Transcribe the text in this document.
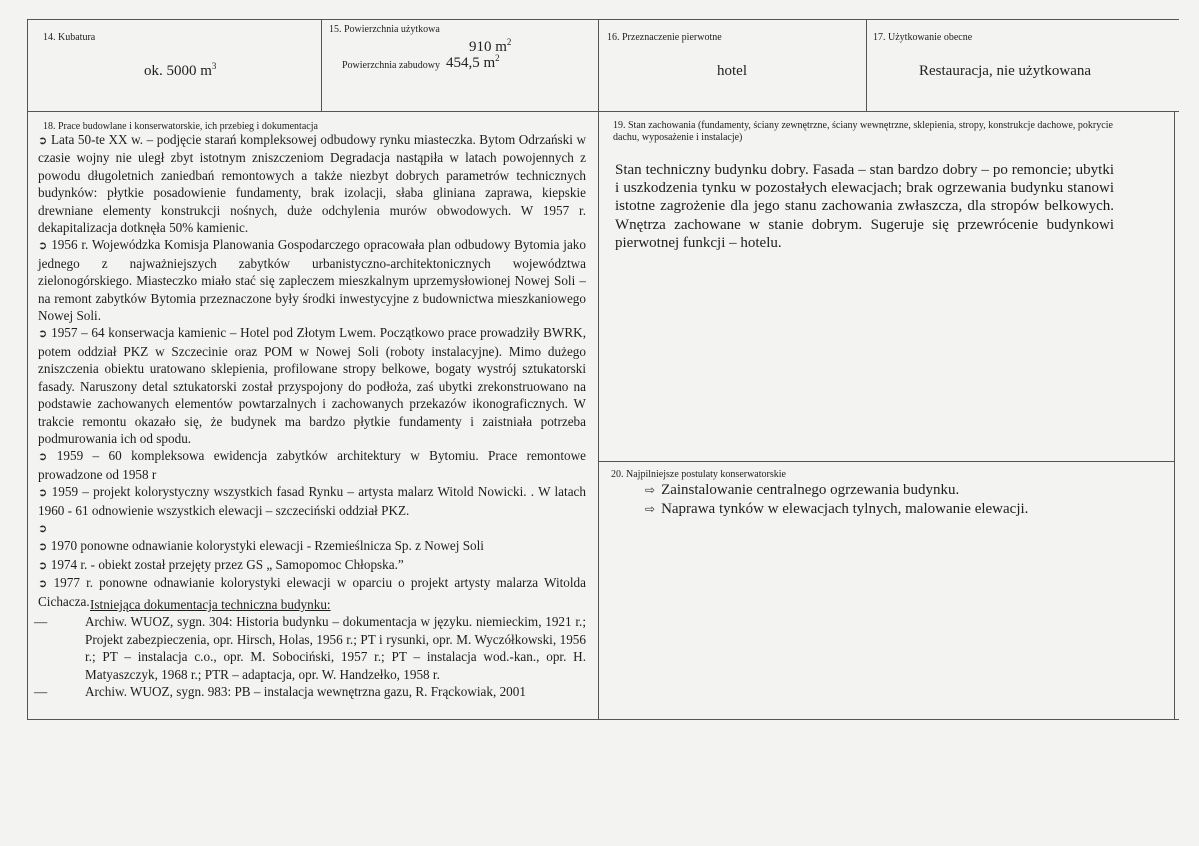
14. Kubatura
ok. 5000 $m^3$
15. Powierzchnia użytkowa
910 $m^2$
Powierzchnia zabudowy 454,5 $m^2$
16. Przeznaczenie pierwotne
hotel
17. Użytkowanie obecne
Restauracja, nie użytkowana
18. Prace budowlane i konserwatorskie, ich przebieg i dokumentacja

➲ Lata 50-te XX w. – podjęcie starań kompleksowej odbudowy rynku miasteczka. Bytom Odrzański w czasie wojny nie uległ zbyt istotnym zniszczeniom Degradacja nastąpiła w latach powojennych z powodu długoletnich zaniedbań remontowych a także niezbyt dobrych parametrów technicznych budynków: płytkie posadowienie fundamenty, brak izolacji, słaba gliniana zaprawa, kiepskie drewniane elementy konstrukcji nośnych, duże odchylenia murów obwodowych. W 1957 r. dekapitalizacja dotknęła 50% kamienic.

➲ 1956 r. Wojewódzka Komisja Planowania Gospodarczego opracowała plan odbudowy Bytomia jako jednego z najważniejszych zabytków urbanistyczno-architektonicznych województwa zielonogórskiego. Miasteczko miało stać się zapleczem mieszkalnym uprzemysłowionej Nowej Soli – na remont zabytków Bytomia przeznaczone były środki inwestycyjne z budownictwa mieszkaniowego Nowej Soli.

➲ 1957 – 64 konserwacja kamienic – Hotel pod Złotym Lwem. Początkowo prace prowadziły BWRK, potem oddział PKZ w Szczecinie oraz POM w Nowej Soli (roboty instalacyjne). Mimo dużego zniszczenia obiektu uratowano sklepienia, profilowane stropy belkowe, bogaty wystrój sztukatorski fasady. Naruszony detal sztukatorski został przyspojony do podłoża, zaś ubytki zrekonstruowano na podstawie zachowanych elementów powtarzalnych i zachowanych przekazów ikonograficznych. W trakcie remontu okazało się, że budynek ma bardzo płytkie fundamenty i zaistniała potrzeba podmurowania ich od spodu.

➲ 1959 – 60 kompleksowa ewidencja zabytków architektury w Bytomiu. Prace remontowe prowadzone od 1958 r

➲ 1959 – projekt kolorystyczny wszystkich fasad Rynku – artysta malarz Witold Nowicki. . W latach 1960 - 61 odnowienie wszystkich elewacji – szczeciński oddział PKZ.

➲

➲ 1970 ponowne odnawianie kolorystyki elewacji - Rzemieślnicza Sp. z Nowej Soli

➲ 1974 r. - obiekt został przejęty przez GS „ Samopomoc Chłopska.”

➲ 1977 r. ponowne odnawianie kolorystyki elewacji w oparciu o projekt artysty malarza Witolda Cichacza. Istniejąca dokumentacja techniczna budynku:

—	Archiw. WUOZ, sygn. 304: Historia budynku – dokumentacja w języku. niemieckim, 1921 r.; Projekt zabezpieczenia, opr. Hirsch, Holas, 1956 r.; PT i rysunki, opr. M. Wyczółkowski, 1956 r.; PT – instalacja c.o., opr. M. Sobociński, 1957 r.; PT – instalacja wod.-kan., opr. H. Matyaszczyk, 1968 r.; PTR – adaptacja, opr. W. Handzełko, 1958 r.

—	Archiw. WUOZ, sygn. 983: PB – instalacja wewnętrzna gazu, R. Frąckowiak, 2001

19. Stan zachowania (fundamenty, ściany zewnętrzne, ściany wewnętrzne, sklepienia, stropy, konstrukcje dachowe, pokrycie dachu, wyposażenie i instalacje)
Stan techniczny budynku dobry. Fasada – stan bardzo dobry – po remoncie; ubytki i uszkodzenia tynku w pozostałych elewacjach; brak ogrzewania budynku stanowi istotne zagrożenie dla jego stanu zachowania zwłaszcza, dla stropów belkowych. Wnętrza zachowane w stanie dobrym. Sugeruje się przewrócenie budynkowi pierwotnej funkcji – hotelu.
20. Najpilniejsze postulaty konserwatorskie

⇨ Zainstalowanie centralnego ogrzewania budynku.

⇨ Naprawa tynków w elewacjach tylnych, malowanie elewacji.
